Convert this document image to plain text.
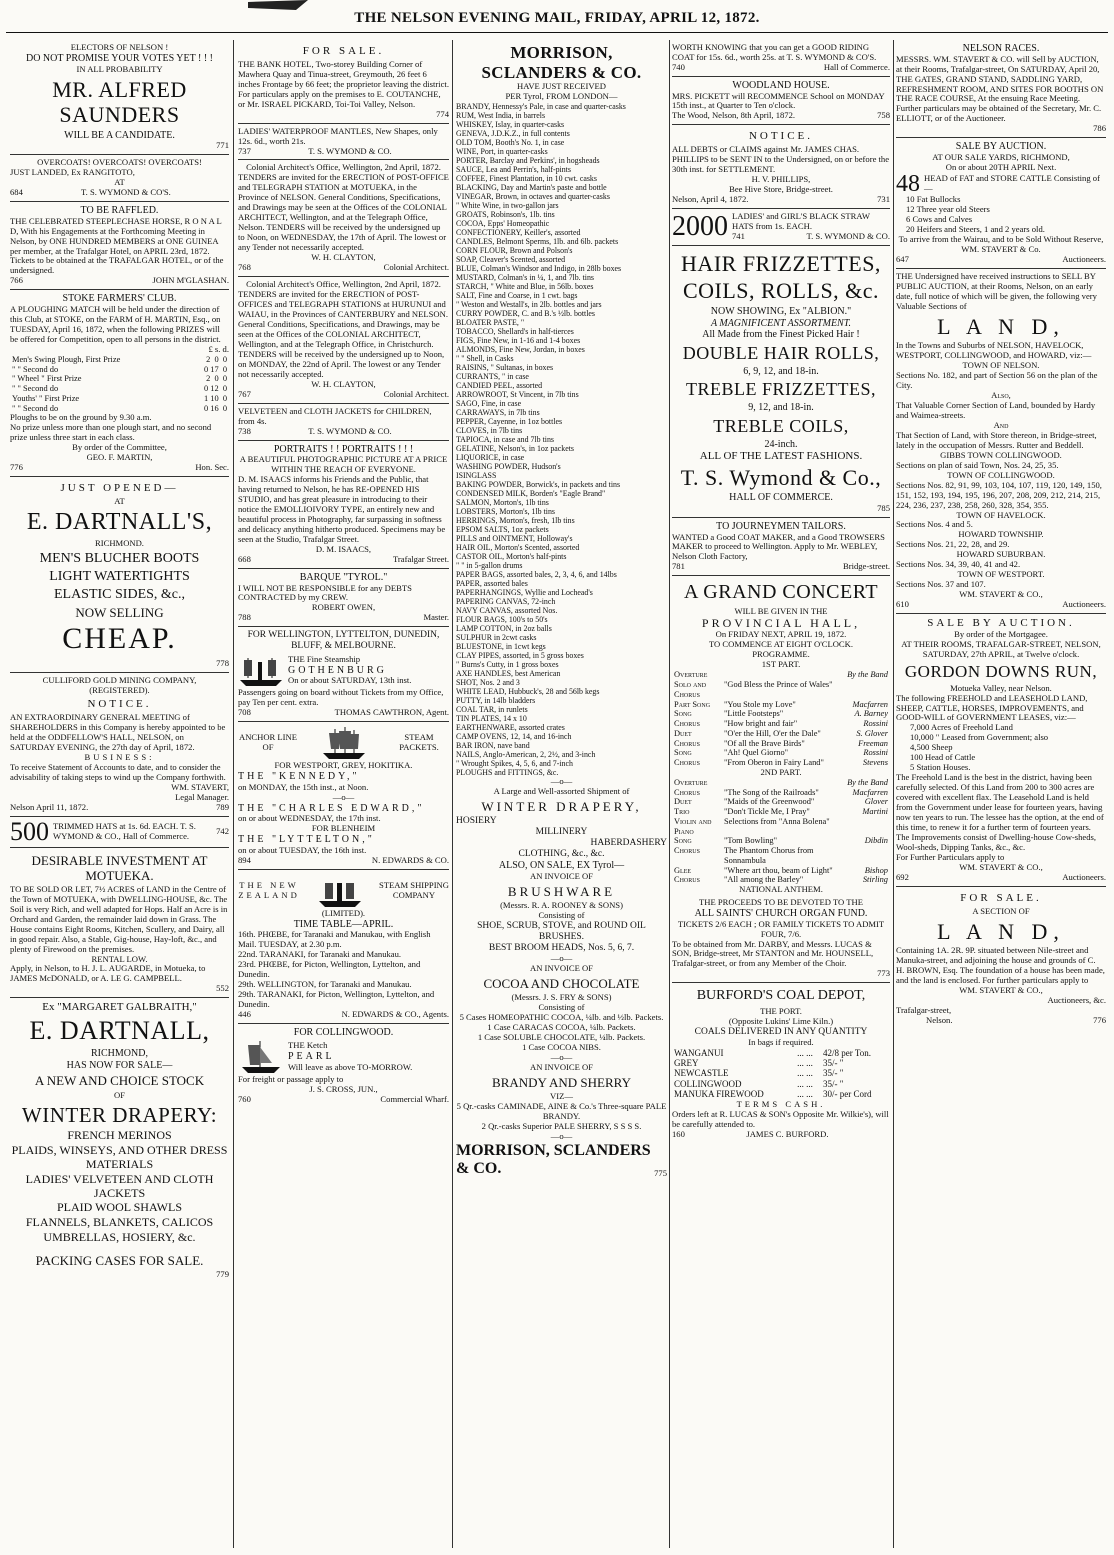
THE NELSON EVENING MAIL, FRIDAY, APRIL 12, 1872.
ELECTORS OF NELSON !
DO NOT PROMISE YOUR VOTES YET ! ! !
IN ALL PROBABILITY
MR. ALFRED SAUNDERS
WILL BE A CANDIDATE.
771
OVERCOATS! OVERCOATS! OVERCOATS!
JUST LANDED, Ex RANGITOTO,
AT
684	T. S. WYMOND & CO'S.
TO BE RAFFLED.
THE CELEBRATED STEEPLECHASE HORSE, R O N A L D, With his Engagements at the Forthcoming Meeting in Nelson, by ONE HUNDRED MEMBERS at ONE GUINEA per member, at the Trafalgar Hotel, on APRIL 23rd, 1872. Tickets to be obtained at the TRAFALGAR HOTEL, or of the undersigned.
766	JOHN M'GLASHAN.
STOKE FARMERS' CLUB.
A PLOUGHING MATCH will be held under the direction of this Club, at STOKE, on the FARM of H. MARTIN, Esq., on TUESDAY, April 16, 1872, when the following PRIZES will be offered for Competition, open to all persons in the district.
£ s. d.
Men's Swing Plough, First Prize	2  0  0
" " Second do	0 17  0
" Wheel " First Prize	2  0  0
" " Second do	0 12  0
Youths' " First Prize	1 10  0
" " Second do	0 16  0
Ploughs to be on the ground by 9.30 a.m.
No prize unless more than one plough start, and no second prize unless three start in each class.
By order of the Committee,
GEO. F. MARTIN,
776	Hon. Sec.
JUST OPENED—
AT
E. DARTNALL'S,
RICHMOND.
MEN'S BLUCHER BOOTS
LIGHT WATERTIGHTS
ELASTIC SIDES, &c.,
NOW SELLING
CHEAP.
778
CULLIFORD GOLD MINING COMPANY,
(REGISTERED).
NOTICE.
AN EXTRAORDINARY GENERAL MEETING of SHAREHOLDERS in this Company is hereby appointed to be held at the ODDFELLOW'S HALL, NELSON, on SATURDAY EVENING, the 27th day of April, 1872.
BUSINESS:
To receive Statement of Accounts to date, and to consider the advisability of taking steps to wind up the Company forthwith.
WM. STAVERT,
Legal Manager.
Nelson April 11, 1872.	789
500 TRIMMED HATS at 1s. 6d. EACH. T. S. WYMOND & CO., Hall of Commerce.	742
DESIRABLE INVESTMENT AT MOTUEKA.
TO BE SOLD OR LET, 7½ ACRES of LAND in the Centre of the Town of MOTUEKA, with DWELLING-HOUSE, &c. The Soil is very Rich, and well adapted for Hops. Half an Acre is in Orchard and Garden, the remainder laid down in Grass. The House contains Eight Rooms, Kitchen, Scullery, and Dairy, all in good repair. Also, a Stable, Gig-house, Hay-loft, &c., and plenty of Firewood on the premises.
RENTAL LOW.
Apply, in Nelson, to H. J. L. AUGARDE, in Motueka, to JAMES McDONALD, or A. LE G. CAMPBELL.
552
Ex "MARGARET GALBRAITH,"
E. DARTNALL,
RICHMOND,
HAS NOW FOR SALE—
A NEW AND CHOICE STOCK
OF
WINTER DRAPERY:
FRENCH MERINOS
PLAIDS, WINSEYS, AND OTHER DRESS MATERIALS
LADIES' VELVETEEN AND CLOTH JACKETS
PLAID WOOL SHAWLS
FLANNELS, BLANKETS, CALICOS
UMBRELLAS, HOSIERY, &c.
PACKING CASES FOR SALE.
779
FOR SALE.
THE BANK HOTEL, Two-storey Building Corner of Mawhera Quay and Tinua-street, Greymouth, 26 feet 6 inches Frontage by 66 feet; the proprietor leaving the district. For particulars apply on the premises to E. COUTANCHE, or Mr. ISRAEL PICKARD, Toi-Toi Valley, Nelson.
774
LADIES' WATERPROOF MANTLES, New Shapes, only 12s. 6d., worth 21s.
737	T. S. WYMOND & CO.
Colonial Architect's Office, Wellington, 2nd April, 1872.
TENDERS are invited for the ERECTION of POST-OFFICE and TELEGRAPH STATION at MOTUEKA, in the Province of NELSON. General Conditions, Specifications, and Drawings may be seen at the Offices of the COLONIAL ARCHITECT, Wellington, and at the Telegraph Office, Nelson. TENDERS will be received by the undersigned up to Noon, on WEDNESDAY, the 17th of April. The lowest or any Tender not necessarily accepted.
W. H. CLAYTON,
768	Colonial Architect.
Colonial Architect's Office, Wellington, 2nd April, 1872.
TENDERS are invited for the ERECTION of POST-OFFICES and TELEGRAPH STATIONS at HURUNUI and WAIAU, in the Provinces of CANTERBURY and NELSON. General Conditions, Specifications, and Drawings, may be seen at the Offices of the COLONIAL ARCHITECT, Wellington, and at the Telegraph Office, in Christchurch. TENDERS will be received by the undersigned up to Noon, on MONDAY, the 22nd of April. The lowest or any Tender not necessarily accepted.
W. H. CLAYTON,
767	Colonial Architect.
VELVETEEN and CLOTH JACKETS for CHILDREN, from 4s.
738	T. S. WYMOND & CO.
PORTRAITS ! ! PORTRAITS ! ! !
A BEAUTIFUL PHOTOGRAPHIC PICTURE AT A PRICE WITHIN THE REACH OF EVERYONE.
D. M. ISAACS informs his Friends and the Public, that having returned to Nelson, he has RE-OPENED HIS STUDIO, and has great pleasure in introducing to their notice the EMOLLIOIVORY TYPE, an entirely new and beautiful process in Photography, far surpassing in softness and delicacy anything hitherto produced. Specimens may be seen at the Studio, Trafalgar Street.
D. M. ISAACS,
668	Trafalgar Street.
BARQUE "TYROL."
I WILL NOT BE RESPONSIBLE for any DEBTS CONTRACTED by my CREW.
ROBERT OWEN,
788	Master.
FOR WELLINGTON, LYTTELTON, DUNEDIN, BLUFF, & MELBOURNE.
THE Fine Steamship
GOTHENBURG
On or about SATURDAY, 13th inst.
Passengers going on board without Tickets from my Office, pay Ten per cent. extra.
708	THOMAS CAWTHRON, Agent.
ANCHOR LINE OF
STEAM PACKETS.
FOR WESTPORT, GREY, HOKITIKA.
THE "KENNEDY,"
on MONDAY, the 15th inst., at Noon.
—o—
THE "CHARLES EDWARD,"
on or about WEDNESDAY, the 17th inst.
FOR BLENHEIM
THE "LYTTELTON,"
on or about TUESDAY, the 16th inst.
894	N. EDWARDS & CO.
THE NEW ZEALAND
STEAM SHIPPING COMPANY
(LIMITED).
TIME TABLE—APRIL.
16th. PHŒBE, for Taranaki and Manukau, with English Mail. TUESDAY, at 2.30 p.m.
22nd. TARANAKI, for Taranaki and Manukau.
23rd. PHŒBE, for Picton, Wellington, Lyttelton, and Dunedin.
29th. WELLINGTON, for Taranaki and Manukau.
29th. TARANAKI, for Picton, Wellington, Lyttelton, and Dunedin.
446	N. EDWARDS & CO., Agents.
FOR COLLINGWOOD.
THE Ketch
PEARL
Will leave as above TO-MORROW.
For freight or passage apply to
J. S. CROSS, JUN.,
760	Commercial Wharf.
MORRISON, SCLANDERS & CO.
HAVE JUST RECEIVED
PER Tyrol, FROM LONDON—
BRANDY, Hennessy's Pale, in case and quarter-casks
RUM, West India, in barrels
WHISKEY, Islay, in quarter-casks
GENEVA, J.D.K.Z., in full contents
OLD TOM, Booth's No. 1, in case
WINE, Port, in quarter-casks
PORTER, Barclay and Perkins', in hogsheads
SAUCE, Lea and Perrin's, half-pints
COFFEE, Finest Plantation, in 10 cwt. casks
BLACKING, Day and Martin's paste and bottle
VINEGAR, Brown, in octaves and quarter-casks
" White Wine, in two-gallon jars
GROATS, Robinson's, 1lb. tins
COCOA, Epps' Homeopathic
CONFECTIONERY, Keiller's, assorted
CANDLES, Belmont Sperms, 1lb. and 6lb. packets
CORN FLOUR, Brown and Polson's
SOAP, Cleaver's Scented, assorted
BLUE, Colman's Windsor and Indigo, in 28lb boxes
MUSTARD, Colman's in ¼, 1, and 7lb. tins
STARCH, " White and Blue, in 56lb. boxes
SALT, Fine and Coarse, in 1 cwt. bags
" Weston and Westall's, in 2lb. bottles and jars
CURRY POWDER, C. and B.'s ½lb. bottles
BLOATER PASTE, "
TOBACCO, Shellard's in half-tierces
FIGS, Fine New, in 1-16 and 1-4 boxes
ALMONDS, Fine New, Jordan, in boxes
" " Shell, in Casks
RAISINS, " Sultanas, in boxes
CURRANTS, " in case
CANDIED PEEL, assorted
ARROWROOT, St Vincent, in 7lb tins
SAGO, Fine, in case
CARRAWAYS, in 7lb tins
PEPPER, Cayenne, in 1oz bottles
CLOVES, in 7lb tins
TAPIOCA, in case and 7lb tins
GELATINE, Nelson's, in 1oz packets
LIQUORICE, in case
WASHING POWDER, Hudson's
ISINGLASS
BAKING POWDER, Borwick's, in packets and tins
CONDENSED MILK, Borden's "Eagle Brand"
SALMON, Morton's, 1lb tins
LOBSTERS, Morton's, 1lb tins
HERRINGS, Morton's, fresh, 1lb tins
EPSOM SALTS, 1oz packets
PILLS and OINTMENT, Holloway's
HAIR OIL, Morton's Scented, assorted
CASTOR OIL, Morton's half-pints
" " in 5-gallon drums
PAPER BAGS, assorted bales, 2, 3, 4, 6, and 14lbs
PAPER, assorted bales
PAPERHANGINGS, Wyllie and Lochead's
PAPERING CANVAS, 72-inch
NAVY CANVAS, assorted Nos.
FLOUR BAGS, 100's to 50's
LAMP COTTON, in 2oz balls
SULPHUR in 2cwt casks
BLUESTONE, in 1cwt kegs
CLAY PIPES, assorted, in 5 gross boxes
" Burns's Cutty, in 1 gross boxes
AXE HANDLES, best American
SHOT, Nos. 2 and 3
WHITE LEAD, Hubbuck's, 28 and 56lb kegs
PUTTY, in 14lb bladders
COAL TAR, in runlets
TIN PLATES, 14 x 10
EARTHENWARE, assorted crates
CAMP OVENS, 12, 14, and 16-inch
BAR IRON, nave band
NAILS, Anglo-American, 2, 2½, and 3-inch
" Wrought Spikes, 4, 5, 6, and 7-inch
PLOUGHS and FITTINGS, &c.
—o—
A Large and Well-assorted Shipment of
WINTER DRAPERY,
HOSIERY
MILLINERY
HABERDASHERY
CLOTHING, &c., &c.
ALSO, ON SALE, EX Tyrol—
AN INVOICE OF
BRUSHWARE
(Messrs. R. A. ROONEY & SONS)
Consisting of
SHOE, SCRUB, STOVE, and ROUND OIL BRUSHES.
BEST BROOM HEADS, Nos. 5, 6, 7.
—o—
AN INVOICE OF
COCOA AND CHOCOLATE
(Messrs. J. S. FRY & SONS)
Consisting of
5 Cases HOMEOPATHIC COCOA, ¼lb. and ½lb. Packets.
1 Case CARACAS COCOA, ¼lb. Packets.
1 Case SOLUBLE CHOCOLATE, ¼lb. Packets.
1 Case COCOA NIBS.
—o—
AN INVOICE OF
BRANDY AND SHERRY
VIZ—
5 Qr.-casks CAMINADE, AINE & Co.'s Three-square PALE BRANDY.
2 Qr.-casks Superior PALE SHERRY, S S S S.
—o—
MORRISON, SCLANDERS & CO.	775
WORTH KNOWING that you can get a GOOD RIDING COAT for 15s. 6d., worth 25s. at T. S. WYMOND & CO'S.
740	Hall of Commerce.
WOODLAND HOUSE.
MRS. PICKETT will RECOMMENCE School on MONDAY 15th inst., at Quarter to Ten o'clock.
The Wood, Nelson, 8th April, 1872.	758
NOTICE.
ALL DEBTS or CLAIMS against Mr. JAMES CHAS. PHILLIPS to be SENT IN to the Undersigned, on or before the 30th inst. for SETTLEMENT.
H. V. PHILLIPS,
Bee Hive Store, Bridge-street.
Nelson, April 4, 1872.	731
2000 LADIES' and GIRL'S BLACK STRAW HATS from 1s. EACH.
741	T. S. WYMOND & CO.
HAIR FRIZZETTES,
COILS, ROLLS, &c.
NOW SHOWING, Ex "ALBION."
A MAGNIFICENT ASSORTMENT.
All Made from the Finest Picked Hair !
DOUBLE HAIR ROLLS,
6, 9, 12, and 18-in.
TREBLE FRIZZETTES,
9, 12, and 18-in.
TREBLE COILS,
24-inch.
ALL OF THE LATEST FASHIONS.
T. S. Wymond & Co.,
HALL OF COMMERCE.
785
TO JOURNEYMEN TAILORS.
WANTED a Good COAT MAKER, and a Good TROWSERS MAKER to proceed to Wellington. Apply to Mr. WEBLEY, Nelson Cloth Factory,
781	Bridge-street.
A GRAND CONCERT
WILL BE GIVEN IN THE
PROVINCIAL HALL,
On FRIDAY NEXT, APRIL 19, 1872.
TO COMMENCE AT EIGHT O'CLOCK.
PROGRAMME.
1ST PART.
Overture		By the Band
Solo and Chorus	"God Bless the Prince of Wales"	
Part Song	"You Stole my Love"	Macfarren
Song	"Little Footsteps"	A. Barney
Chorus	"How bright and fair"	Rossini
Duet	"O'er the Hill, O'er the Dale"	S. Glover
Chorus	"Of all the Brave Birds"	Freeman
Song	"Ah! Quel Giorno"	Rossini
Chorus	"From Oberon in Fairy Land"	Stevens
2ND PART.
Overture		By the Band
Chorus	"The Song of the Railroads"	Macfarren
Duet	"Maids of the Greenwood"	Glover
Trio	"Don't Tickle Me, I Pray"	Martini
Violin and Piano	Selections from "Anna Bolena"	
Song	"Tom Bowling"	Dibdin
Chorus	The Phantom Chorus from Sonnambula	
Glee	"Where art thou, beam of Light"	Bishop
Chorus	"All among the Barley"	Stirling
NATIONAL ANTHEM.
THE PROCEEDS TO BE DEVOTED TO THE
ALL SAINTS' CHURCH ORGAN FUND.
TICKETS 2/6 EACH ; OR FAMILY TICKETS TO ADMIT FOUR, 7/6.
To be obtained from Mr. DARBY, and Messrs. LUCAS & SON, Bridge-street, Mr STANTON and Mr. HOUNSELL, Trafalgar-street, or from any Member of the Choir.
773
BURFORD'S COAL DEPOT,
THE PORT.
(Opposite Lukins' Lime Kiln.)
COALS DELIVERED IN ANY QUANTITY
In bags if required.
WANGANUI	... ...	42/8 per Ton.
GREY	... ...	35/- "
NEWCASTLE	... ...	35/- "
COLLINGWOOD	... ...	35/- "
MANUKA FIREWOOD	... ...	30/- per Cord
TERMS CASH.
Orders left at R. LUCAS & SON's Opposite Mr. Wilkie's), will be carefully attended to.
160	JAMES C. BURFORD.
NELSON RACES.
MESSRS. WM. STAVERT & CO. will Sell by AUCTION, at their Rooms, Trafalgar-street, On SATURDAY, April 20, THE GATES, GRAND STAND, SADDLING YARD, REFRESHMENT ROOM, AND SITES FOR BOOTHS ON THE RACE COURSE, At the ensuing Race Meeting.
Further particulars may be obtained of the Secretary, Mr. C. ELLIOTT, or of the Auctioneer.
786
SALE BY AUCTION.
AT OUR SALE YARDS, RICHMOND,
On or about 20TH APRIL Next.
48 HEAD of FAT and STORE CATTLE Consisting of—
10 Fat Bullocks
12 Three year old Steers
6 Cows and Calves
20 Heifers and Steers, 1 and 2 years old.
To arrive from the Wairau, and to be Sold Without Reserve,
WM. STAVERT & Co.
647	Auctioneers.
THE Undersigned have received instructions to SELL BY PUBLIC AUCTION, at their Rooms, Nelson, on an early date, full notice of which will be given, the following very Valuable Sections of
L A N D,
In the Towns and Suburbs of NELSON, HAVELOCK, WESTPORT, COLLINGWOOD, and HOWARD, viz:—
TOWN OF NELSON.
Sections No. 182, and part of Section 56 on the plan of the City.
Also,
That Valuable Corner Section of Land, bounded by Hardy and Waimea-streets.
And
That Section of Land, with Store thereon, in Bridge-street, lately in the occupation of Messrs. Rutter and Beddell.
GIBBS TOWN COLLINGWOOD.
Sections on plan of said Town, Nos. 24, 25, 35.
TOWN OF COLLINGWOOD.
Sections Nos. 82, 91, 99, 103, 104, 107, 119, 120, 149, 150, 151, 152, 193, 194, 195, 196, 207, 208, 209, 212, 214, 215, 224, 236, 237, 238, 258, 260, 328, 354, 355.
TOWN OF HAVELOCK.
Sections Nos. 4 and 5.
HOWARD TOWNSHIP.
Sections Nos. 21, 22, 28, and 29.
HOWARD SUBURBAN.
Sections Nos. 34, 39, 40, 41 and 42.
TOWN OF WESTPORT.
Sections Nos. 37 and 107.
WM. STAVERT & CO.,
610	Auctioneers.
SALE BY AUCTION.
By order of the Mortgagee.
AT THEIR ROOMS, TRAFALGAR-STREET, NELSON,
SATURDAY, 27th APRIL, at Twelve o'clock.
GORDON DOWNS RUN,
Motueka Valley, near Nelson.
The following FREEHOLD and LEASEHOLD LAND, SHEEP, CATTLE, HORSES, IMPROVEMENTS, and GOOD-WILL of GOVERNMENT LEASES, viz:—
7,000 Acres of Freehold Land
10,000 " Leased from Government; also
4,500 Sheep
100 Head of Cattle
5 Station Houses.
The Freehold Land is the best in the district, having been carefully selected. Of this Land from 200 to 300 acres are covered with excellent flax. The Leasehold Land is held from the Government under lease for fourteen years, having now ten years to run. The lessee has the option, at the end of this time, to renew it for a further term of fourteen years. The Improvements consist of Dwelling-house Cow-sheds, Wool-sheds, Dipping Tanks, &c., &c.
For Further Particulars apply to
WM. STAVERT & CO.,
692	Auctioneers.
FOR SALE.
A SECTION OF
L A N D,
Containing 1A. 2R. 9P. situated between Nile-street and Manuka-street, and adjoining the house and grounds of C. H. BROWN, Esq. The foundation of a house has been made, and the land is enclosed. For further particulars apply to
WM. STAVERT & CO.,
Auctioneers, &c.
Trafalgar-street,
Nelson.	776
